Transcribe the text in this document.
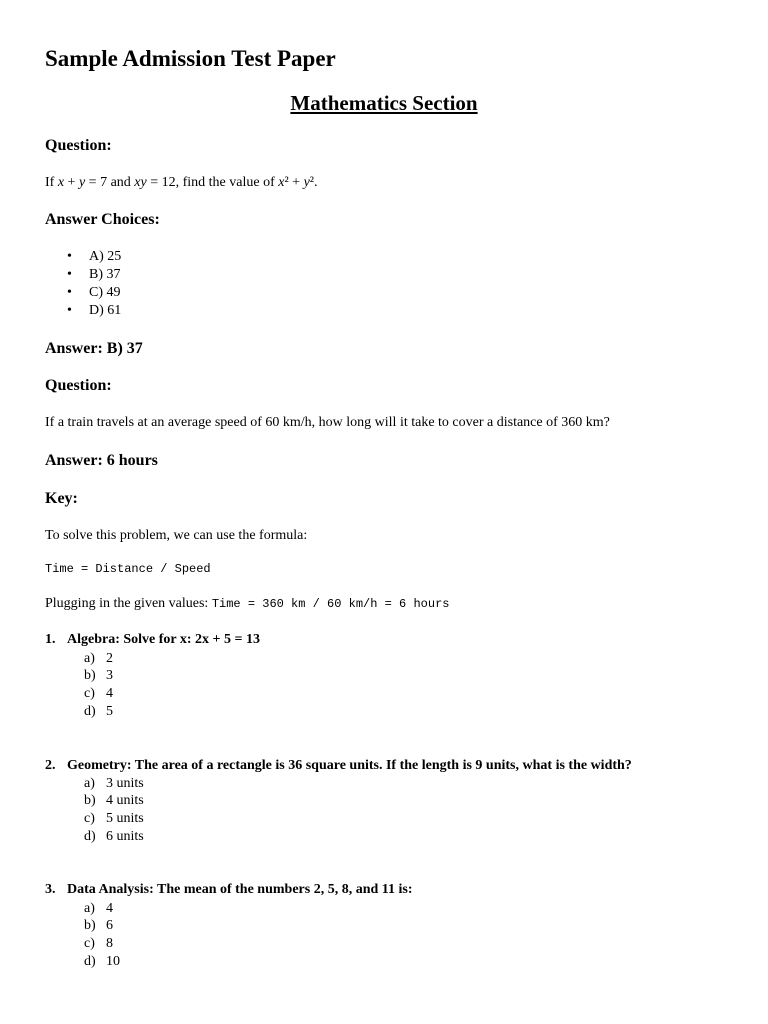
Sample Admission Test Paper
Mathematics Section
Question:
If x + y = 7 and xy = 12, find the value of x² + y².
Answer Choices:
• A) 25
• B) 37
• C) 49
• D) 61
Answer: B) 37
Question:
If a train travels at an average speed of 60 km/h, how long will it take to cover a distance of 360 km?
Answer: 6 hours
Key:
To solve this problem, we can use the formula:
Time = Distance / Speed
Plugging in the given values: Time = 360 km / 60 km/h = 6 hours
1. Algebra: Solve for x: 2x + 5 = 13
a) 2
b) 3
c) 4
d) 5
2. Geometry: The area of a rectangle is 36 square units. If the length is 9 units, what is the width?
a) 3 units
b) 4 units
c) 5 units
d) 6 units
3. Data Analysis: The mean of the numbers 2, 5, 8, and 11 is:
a) 4
b) 6
c) 8
d) 10
